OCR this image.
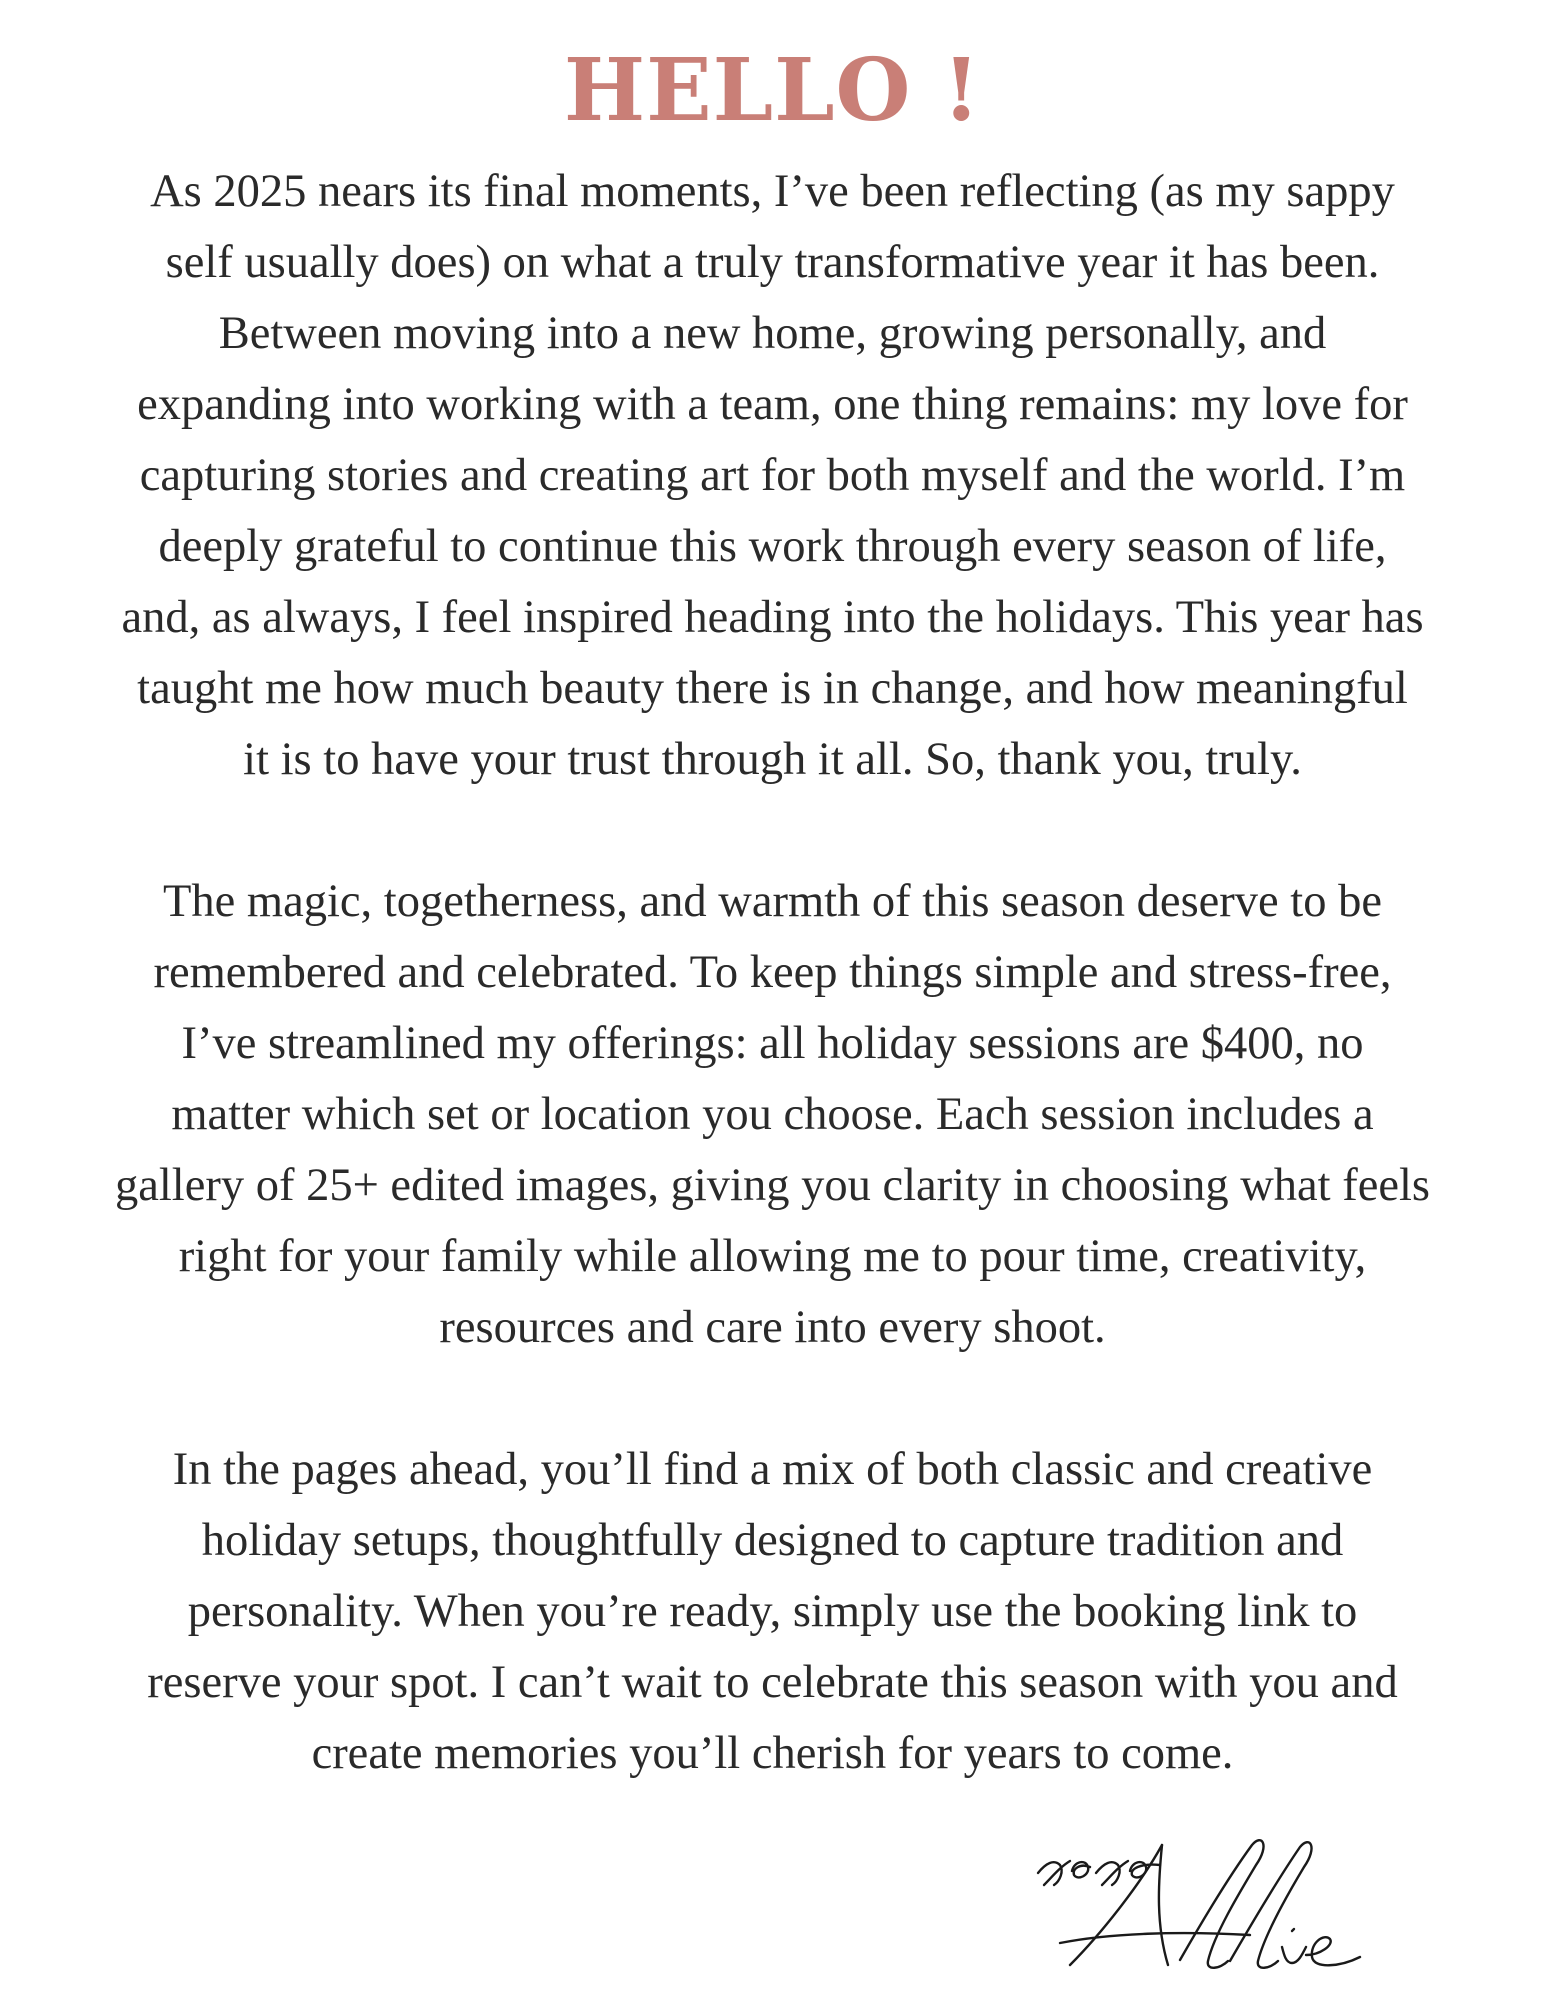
HELLO !

As 2025 nears its final moments, I’ve been reflecting (as my sappy
self usually does) on what a truly transformative year it has been.
Between moving into a new home, growing personally, and
expanding into working with a team, one thing remains: my love for
capturing stories and creating art for both myself and the world. I’m
deeply grateful to continue this work through every season of life,
and, as always, I feel inspired heading into the holidays. This year has
taught me how much beauty there is in change, and how meaningful
it is to have your trust through it all. So, thank you, truly.

The magic, togetherness, and warmth of this season deserve to be
remembered and celebrated. To keep things simple and stress-free,
I’ve streamlined my offerings: all holiday sessions are $400, no
matter which set or location you choose. Each session includes a
gallery of 25+ edited images, giving you clarity in choosing what feels
right for your family while allowing me to pour time, creativity,
resources and care into every shoot.

In the pages ahead, you’ll find a mix of both classic and creative
holiday setups, thoughtfully designed to capture tradition and
personality. When you’re ready, simply use the booking link to
reserve your spot. I can’t wait to celebrate this season with you and
create memories you’ll cherish for years to come.
